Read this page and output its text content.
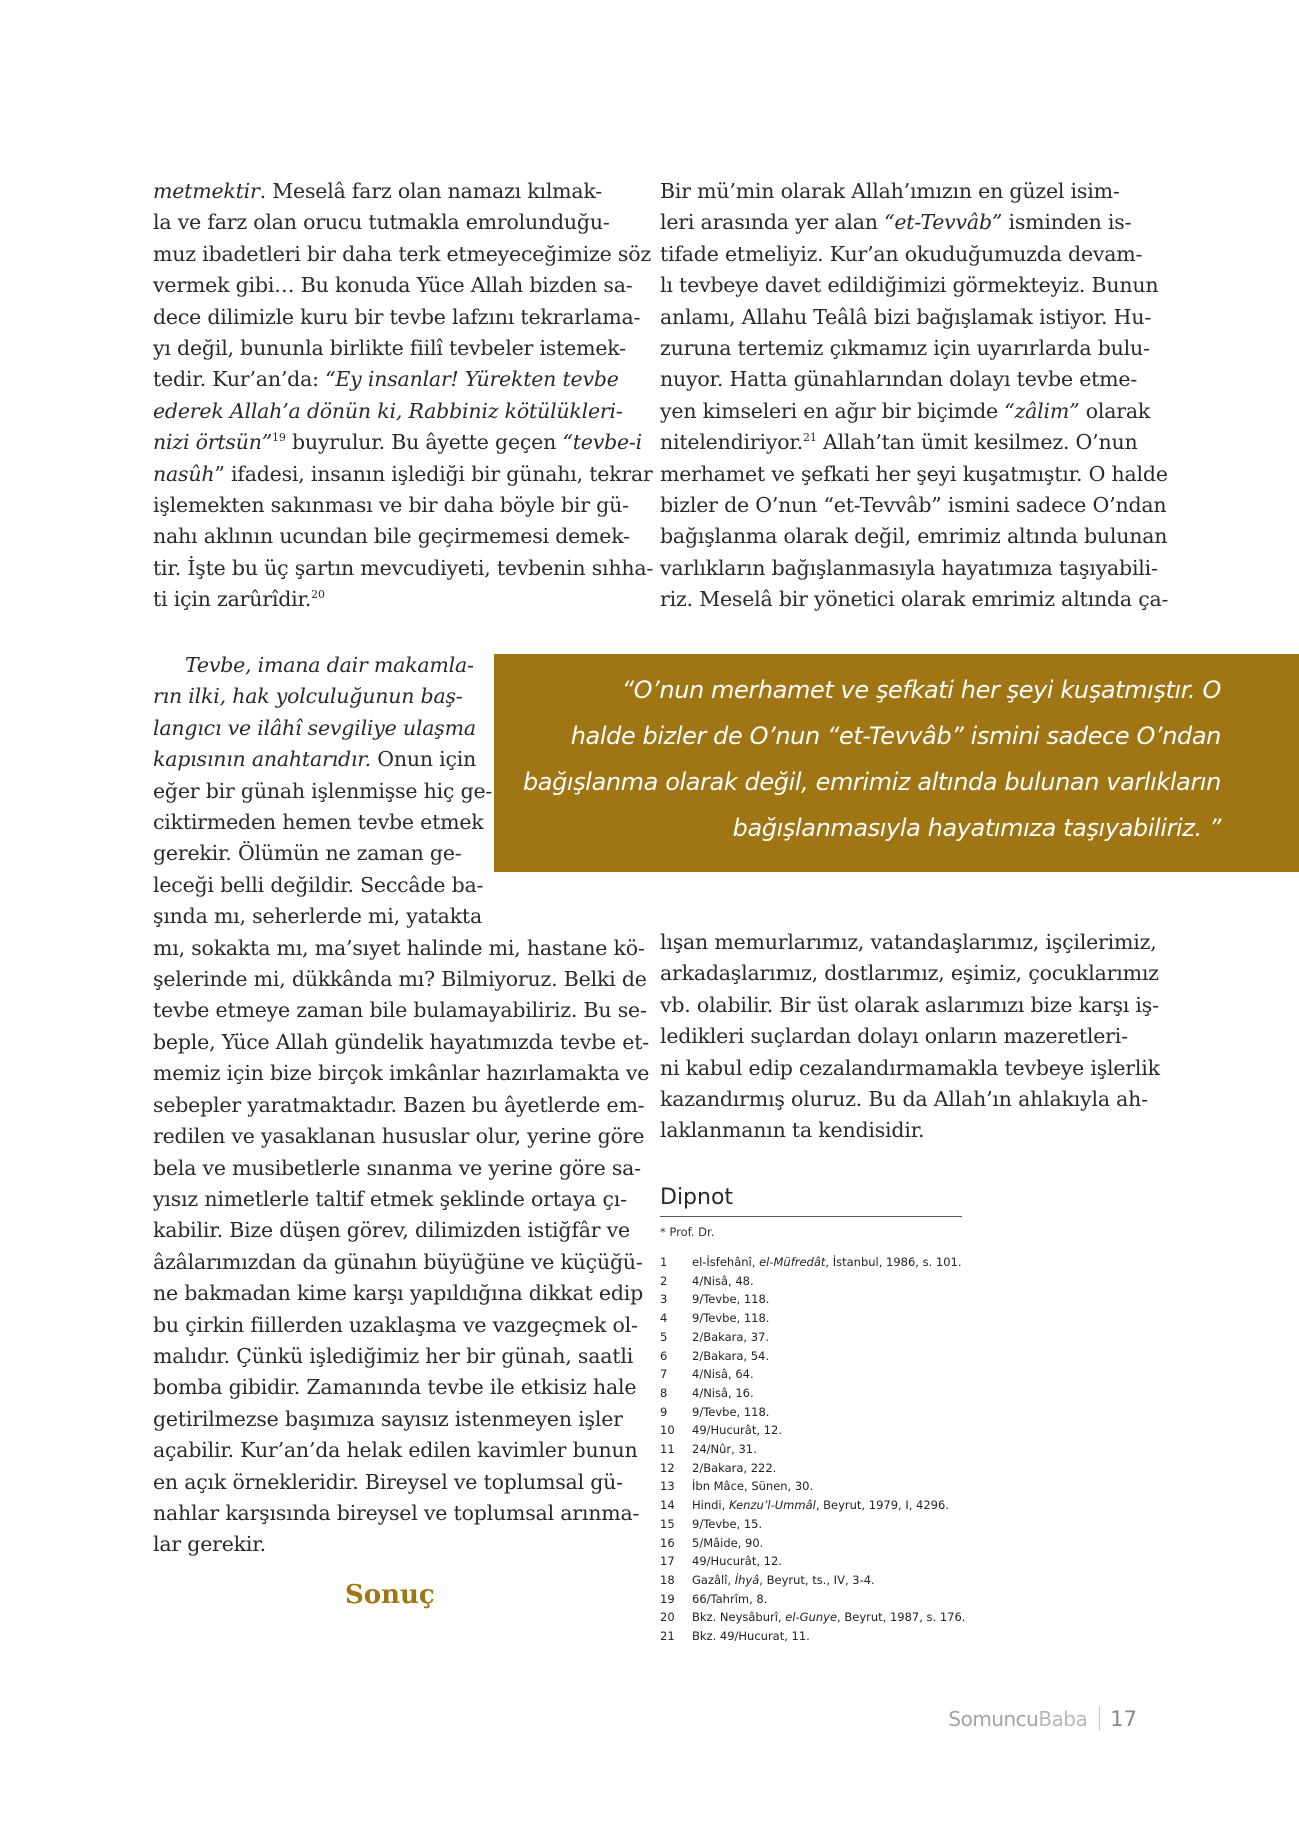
metmektir. Meselâ farz olan namazı kılmak-
la ve farz olan orucu tutmakla emrolunduğu-
muz ibadetleri bir daha terk etmeyeceğimize söz
vermek gibi… Bu konuda Yüce Allah bizden sa-
dece dilimizle kuru bir tevbe lafzını tekrarlama-
yı değil, bununla birlikte fiilî tevbeler istemek-
tedir. Kur’an’da: “Ey insanlar! Yürekten tevbe
ederek Allah’a dönün ki, Rabbiniz kötülükleri-
nizi örtsün”$^{19}$ buyrulur. Bu âyette geçen “tevbe-i
nasûh” ifadesi, insanın işlediği bir günahı, tekrar
işlemekten sakınması ve bir daha böyle bir gü-
nahı aklının ucundan bile geçirmemesi demek-
tir. İşte bu üç şartın mevcudiyeti, tevbenin sıhha-
ti için zarûrîdir.$^{20}$
Bir mü’min olarak Allah’ımızın en güzel isim-
leri arasında yer alan “et-Tevvâb” isminden is-
tifade etmeliyiz. Kur’an okuduğumuzda devam-
lı tevbeye davet edildiğimizi görmekteyiz. Bunun
anlamı, Allahu Teâlâ bizi bağışlamak istiyor. Hu-
zuruna tertemiz çıkmamız için uyarırlarda bulu-
nuyor. Hatta günahlarından dolayı tevbe etme-
yen kimseleri en ağır bir biçimde “zâlim” olarak
nitelendiriyor.$^{21}$ Allah’tan ümit kesilmez. O’nun
merhamet ve şefkati her şeyi kuşatmıştır. O halde
bizler de O’nun “et-Tevvâb” ismini sadece O’ndan
bağışlanma olarak değil, emrimiz altında bulunan
varlıkların bağışlanmasıyla hayatımıza taşıyabili-
riz. Meselâ bir yönetici olarak emrimiz altında ça-
Tevbe, imana dair makamla-
rın ilki, hak yolculuğunun baş-
langıcı ve ilâhî sevgiliye ulaşma
kapısının anahtarıdır. Onun için
eğer bir günah işlenmişse hiç ge-
ciktirmeden hemen tevbe etmek
gerekir. Ölümün ne zaman ge-
leceği belli değildir. Seccâde ba-
şında mı, seherlerde mi, yatakta
mı, sokakta mı, ma’sıyet halinde mi, hastane kö-
şelerinde mi, dükkânda mı? Bilmiyoruz. Belki de
tevbe etmeye zaman bile bulamayabiliriz. Bu se-
beple, Yüce Allah gündelik hayatımızda tevbe et-
memiz için bize birçok imkânlar hazırlamakta ve
sebepler yaratmaktadır. Bazen bu âyetlerde em-
redilen ve yasaklanan hususlar olur, yerine göre
bela ve musibetlerle sınanma ve yerine göre sa-
yısız nimetlerle taltif etmek şeklinde ortaya çı-
kabilir. Bize düşen görev, dilimizden istiğfâr ve
âzâlarımızdan da günahın büyüğüne ve küçüğü-
ne bakmadan kime karşı yapıldığına dikkat edip
bu çirkin fiillerden uzaklaşma ve vazgeçmek ol-
malıdır. Çünkü işlediğimiz her bir günah, saatli
bomba gibidir. Zamanında tevbe ile etkisiz hale
getirilmezse başımıza sayısız istenmeyen işler
açabilir. Kur’an’da helak edilen kavimler bunun
en açık örnekleridir. Bireysel ve toplumsal gü-
nahlar karşısında bireysel ve toplumsal arınma-
lar gerekir.
lışan memurlarımız, vatandaşlarımız, işçilerimiz,
arkadaşlarımız, dostlarımız, eşimiz, çocuklarımız
vb. olabilir. Bir üst olarak aslarımızı bize karşı iş-
ledikleri suçlardan dolayı onların mazeretleri-
ni kabul edip cezalandırmamakla tevbeye işlerlik
kazandırmış oluruz. Bu da Allah’ın ahlakıyla ah-
laklanmanın ta kendisidir.
“O’nun merhamet ve şefkati her şeyi kuşatmıştır. O
halde bizler de O’nun “et-Tevvâb” ismini sadece O’ndan
bağışlanma olarak değil, emrimiz altında bulunan varlıkların
bağışlanmasıyla hayatımıza taşıyabiliriz. ”
Sonuç
Dipnot
* Prof. Dr.
1 el-İsfehânî, el-Müfredât, İstanbul, 1986, s. 101.
2 4/Nisâ, 48.
3 9/Tevbe, 118.
4 9/Tevbe, 118.
5 2/Bakara, 37.
6 2/Bakara, 54.
7 4/Nisâ, 64.
8 4/Nisâ, 16.
9 9/Tevbe, 118.
10 49/Hucurât, 12.
11 24/Nûr, 31.
12 2/Bakara, 222.
13 İbn Mâce, Sünen, 30.
14 Hindi, Kenzu’l-Ummâl, Beyrut, 1979, I, 4296.
15 9/Tevbe, 15.
16 5/Mâide, 90.
17 49/Hucurât, 12.
18 Gazâlî, İhyâ, Beyrut, ts., IV, 3-4.
19 66/Tahrîm, 8.
20 Bkz. Neysâburî, el-Gunye, Beyrut, 1987, s. 176.
21 Bkz. 49/Hucurat, 11.
Somuncu Baba 17
